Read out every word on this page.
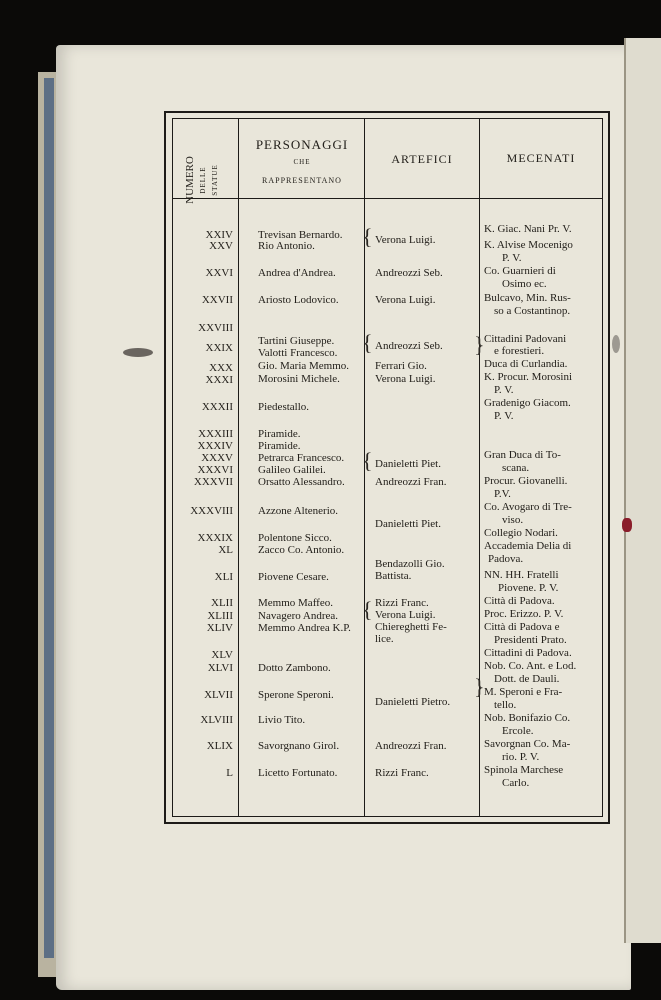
NUMERO DELLE STATUE
PERSONAGGI
CHE
RAPPRESENTANO
ARTEFICI	MECENATI
XXIV
XXV
XXVI
XXVII
XXVIII
XXIX
XXX
XXXI
XXXII
XXXIII
XXXIV
XXXV
XXXVI
XXXVII
XXXVIII
XXXIX
XL
XLI
XLII
XLIII
XLIV
XLV
XLVI
XLVII
XLVIII
XLIX
L
Trevisan Bernardo.
Rio Antonio.
Andrea d'Andrea.
Ariosto Lodovico.
Tartini Giuseppe.
Valotti Francesco.
Gio. Maria Memmo.
Morosini Michele.
Piedestallo.
Piramide.
Piramide.
Petrarca Francesco.
Galileo Galilei.
Orsatto Alessandro.
Azzone Altenerio.
Polentone Sicco.
Zacco Co. Antonio.
Piovene Cesare.
Memmo Maffeo.
Navagero Andrea.
Memmo Andrea K.P.
Dotto Zambono.
Sperone Speroni.
Livio Tito.
Savorgnano Girol.
Licetto Fortunato.
Verona Luigi.
Andreozzi Seb.
Verona Luigi.
Andreozzi Seb.
Ferrari Gio.
Verona Luigi.
Danieletti Piet.
Andreozzi Fran.
Danieletti Piet.
Bendazolli Gio.
Battista.
Rizzi Franc.
Verona Luigi.
Chiereghetti Fe-
lice.
Danieletti Pietro.
Andreozzi Fran.
Rizzi Franc.
K. Giac. Nani Pr. V.
K. Alvise Mocenigo
P. V.
Co. Guarnieri di
Osimo ec.
Bulcavo, Min. Rus-
so a Costantinop.
Cittadini Padovani
e forestieri.
Duca di Curlandia.
K. Procur. Morosini
P. V.
Gradenigo Giacom.
P. V.
Gran Duca di To-
scana.
Procur. Giovanelli.
P.V.
Co. Avogaro di Tre-
viso.
Collegio Nodari.
Accademia Delia di
Padova.
NN. HH. Fratelli
Piovene. P. V.
Città di Padova.
Proc. Erizzo. P. V.
Città di Padova e
Presidenti Prato.
Cittadini di Padova.
Nob. Co. Ant. e Lod.
Dott. de Dauli.
M. Speroni e Fra-
tello.
Nob. Bonifazio Co.
Ercole.
Savorgnan Co. Ma-
rio. P. V.
Spinola Marchese
Carlo.
{
{	}
{
{
}
